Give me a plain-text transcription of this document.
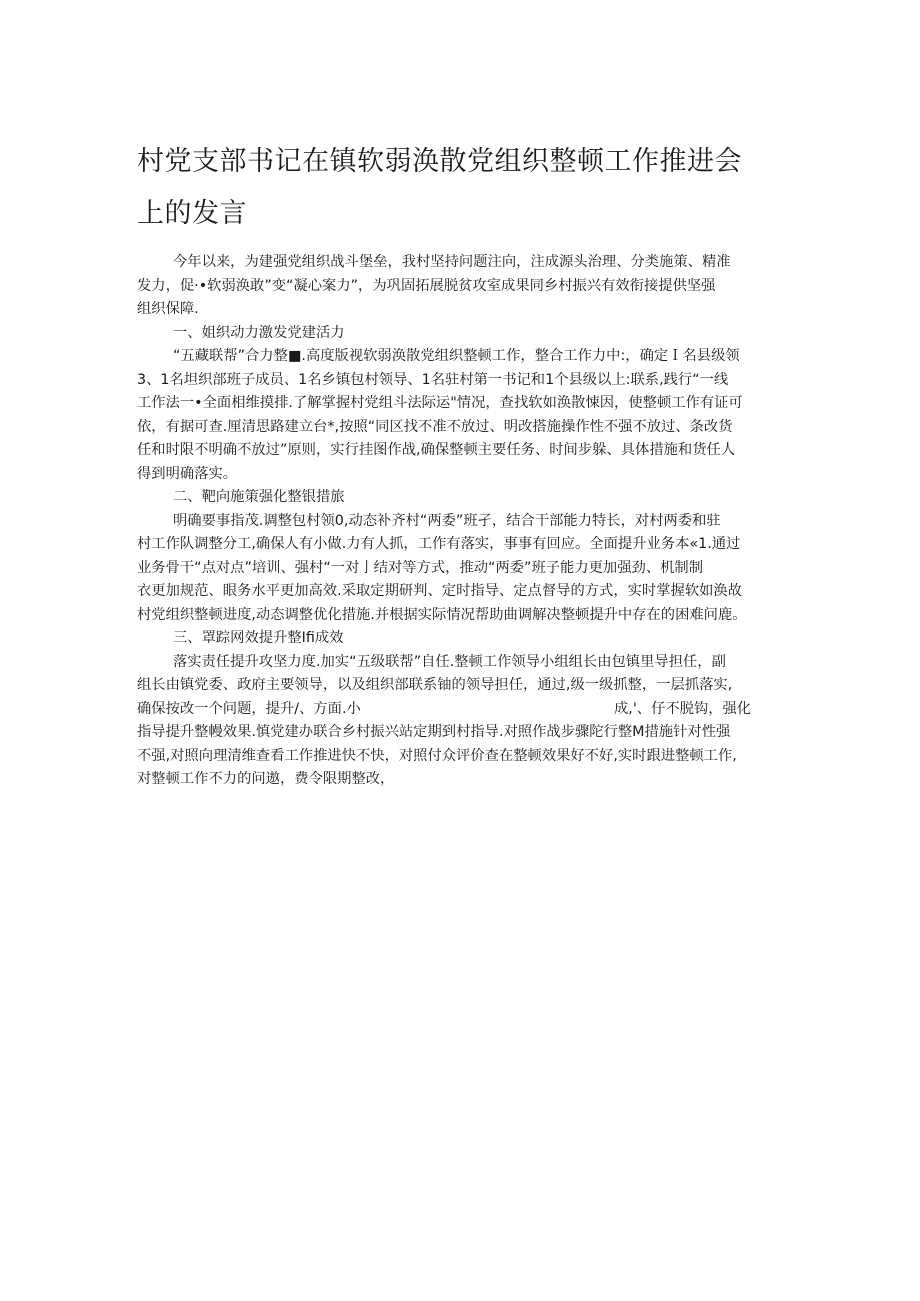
村党支部书记在镇软弱涣散党组织整顿工作推进会
上的发言
今年以来，为建强党组织战斗堡垒，我村坚持问题注向，注成源头治理、分类施策、精准
发力，促·•软弱涣敢”变“凝心案力”，为巩固拓展脱贫攻室成果同乡村振兴有效衔接提供坚强
组织保障.
一、姐织动力激发党建活力
“五藏联帮”合力整■.高度版视软弱涣散党组织整顿工作，整合工作力中:，确定Ｉ名县级领
3、1名坦织部班子成员、1名乡镇包村领导、1名驻村第一书记和1个县级以上:联系,践行“一线
工作法一•全面相维摸排.了解掌握村党组斗法际运"情况，查找软如涣散悚因，使整顿工作有证可
依，有据可查.厘清思路建立台*,按照“同区找不准不放过、明改搭施操作性不强不放过、条改货
任和时限不明确不放过”原则，实行挂图作战,确保整顿主要任务、时间步躲、具体措施和货任人
得到明确落实。
二、靶向施策强化整银措旅
明确要事指茂.调整包村领0,动态补齐村“两委”班孑，结合干部能力特长，对村两委和驻
村工作队调整分工,确保人有小做.力有人抓，工作有落实，事事有回应。全面提升业务本«1.通过
业务骨干“点对点”培训、强村“一对亅结对等方式，推动“两委”班子能力更加强劲、机制制
衣更加规范、眼务水平更加高效.采取定期研判、定时指导、定点督导的方式，实时掌握软如涣故
村党组织整顿进度,动态调整优化措施.并根据实际情况帮助曲调解决整顿提升中存在的困难问鹿。
三、罩踪网效提升整Ifi成效
落实责任提升攻坚力度.加实“五级联帮”自任.整顿工作领导小组组长由包镇里导担任，副
组长由镇党委、政府主要领导，以及组织部联系铀的领导担任，通过,级一级抓整，一层抓落实,
确保按改一个问题，提升/、方面.小	成,'、仔不脱钩，强化
指导提升整幔效果.慎党建办联合乡村振兴站定期到村指导.对照作战步骤陀行整M措施针对性强
不强,对照向理清维查看工作推进快不快，对照付众评价查在整顿效果好不好,实时跟进整顿工作,
对整顿工作不力的问遨，费令限期整改，
